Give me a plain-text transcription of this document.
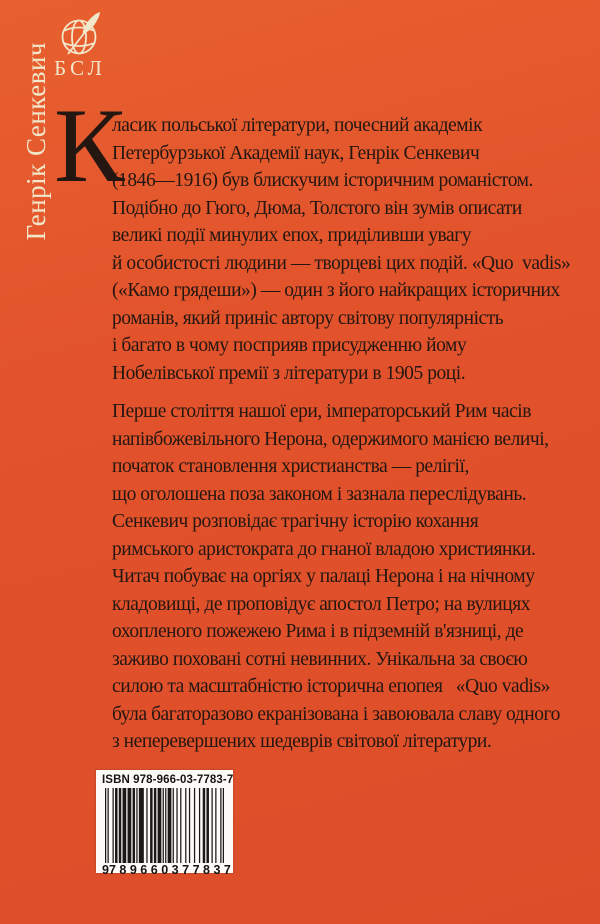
Генрік Сенкевич БСЛ
К
ласик польської літератури, почесний академік
Петербурзької Академії наук, Генрік Сенкевич
(1846—1916) був блискучим історичним романістом.
Подібно до Гюго, Дюма, Толстого він зумів описати
великі події минулих епох, приділивши увагу
й особистості людини — творцеві цих подій. «Quo  vadis»
(«Камо грядеши») — один з його найкращих історичних
романів, який приніс автору світову популярність
і багато в чому посприяв присудженню йому
Нобелівської премії з літератури в 1905 році.
Перше століття нашої ери, імператорський Рим часів
напівбожевільного Нерона, одержимого манією величі,
початок становлення христианства — релігії,
що оголошена поза законом і зазнала переслідувань.
Сенкевич розповідає трагічну історію кохання
римського аристократа до гнаної владою християнки.
Читач побуває на оргіях у палаці Нерона і на нічному
кладовищі, де проповідує апостол Петро; на вулицях
охопленого пожежею Рима і в підземній в'язниці, де
заживо поховані сотні невинних. Унікальна за своєю
силою та масштабністю історична епопея   «Quo vadis»
була багаторазово екранізована і завоювала славу одного
з неперевершених шедеврів світової літератури.
ISBN 978-966-03-7783-7
9 789660 377837
